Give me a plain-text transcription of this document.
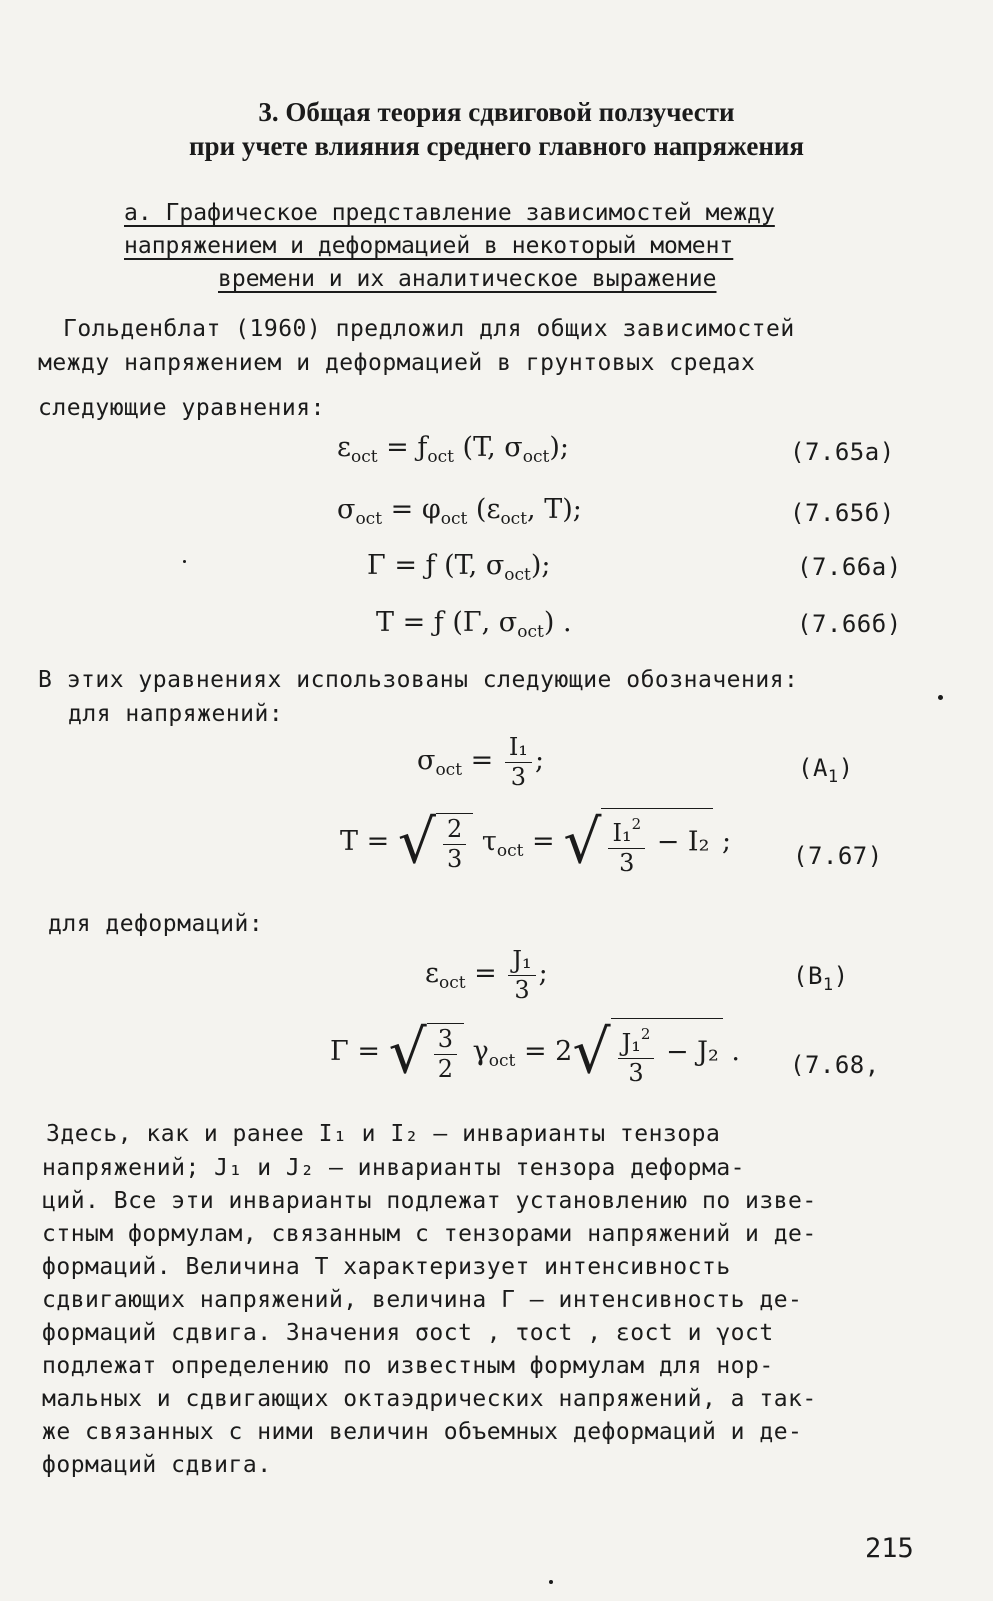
3. Общая теория сдвиговой ползучести
при учете влияния среднего главного напряжения
а. Графическое представление зависимостей между
напряжением и деформацией в некоторый момент
времени и их аналитическое выражение
Гольденблат (1960) предложил для общих зависимостей
между напряжением и деформацией в грунтовых средах
следующие уравнения:
$\varepsilon_{oct}$ = $ƒ_{oct}$ (T, $\sigma_{oct}$);	(7.65а)
$\sigma_{oct} = \varphi_{oct}$ ($\varepsilon_{oct}$, T);	(7.65б)
Γ = ƒ (T, $\sigma_{oct}$);	(7.66а)
T = ƒ (Γ, $\sigma_{oct}$) .	(7.66б)
В этих уравнениях использованы следующие обозначения:
для напряжений:
$\sigma_{oct} = \frac{\text{I₁}}{3}$ ;	$(A_1)$
T = √ $\frac{2}{3} \tau_{oct}$ = √ $\frac{I_1^2}{3} - I_2$ ;	(7.67)
для деформаций:
$\varepsilon_{oct} = \frac{\text{J₁}}{3}$ ;	$(B_1)$
Γ = √ $\frac{3}{2} \gamma_{oct} = 2√ \frac{J_1^2}{3} - J_2$ . (7.68,
Здесь, как и ранее I₁ и I₂ – инварианты тензора
напряжений; J₁ и J₂ – инварианты тензора деформа-
ций. Все эти инварианты подлежат установлению по изве-
стным формулам, связанным с тензорами напряжений и де-
формаций. Величина T характеризует интенсивность
сдвигающих напряжений, величина Γ – интенсивность де-
формаций сдвига. Значения σoct , τoct , εoct и γoct
подлежат определению по известным формулам для нор-
мальных и сдвигающих октаэдрических напряжений, а так-
же связанных с ними величин объемных деформаций и де-
формаций сдвига.
215
